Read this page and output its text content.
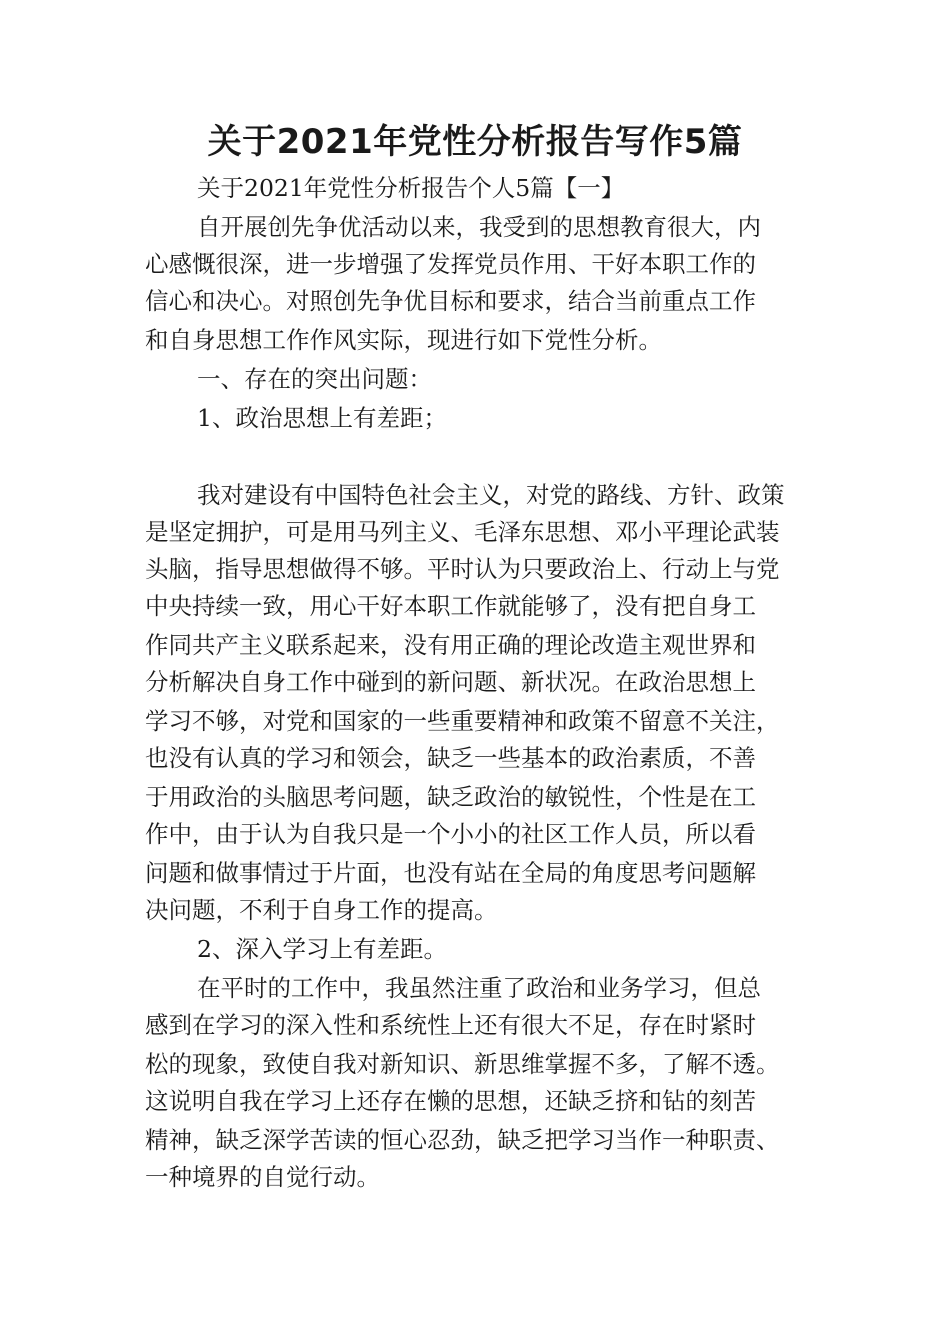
关于2021年党性分析报告写作5篇
关于2021年党性分析报告个人5篇【一】
自开展创先争优活动以来，我受到的思想教育很大，内
心感慨很深，进一步增强了发挥党员作用、干好本职工作的
信心和决心。对照创先争优目标和要求，结合当前重点工作
和自身思想工作作风实际，现进行如下党性分析。
一、存在的突出问题：
1、政治思想上有差距；
我对建设有中国特色社会主义，对党的路线、方针、政策
是坚定拥护，可是用马列主义、毛泽东思想、邓小平理论武装
头脑，指导思想做得不够。平时认为只要政治上、行动上与党
中央持续一致，用心干好本职工作就能够了，没有把自身工
作同共产主义联系起来，没有用正确的理论改造主观世界和
分析解决自身工作中碰到的新问题、新状况。在政治思想上
学习不够，对党和国家的一些重要精神和政策不留意不关注，
也没有认真的学习和领会，缺乏一些基本的政治素质，不善
于用政治的头脑思考问题，缺乏政治的敏锐性，个性是在工
作中，由于认为自我只是一个小小的社区工作人员，所以看
问题和做事情过于片面，也没有站在全局的角度思考问题解
决问题，不利于自身工作的提高。
2、深入学习上有差距。
在平时的工作中，我虽然注重了政治和业务学习，但总
感到在学习的深入性和系统性上还有很大不足，存在时紧时
松的现象，致使自我对新知识、新思维掌握不多，了解不透。
这说明自我在学习上还存在懒的思想，还缺乏挤和钻的刻苦
精神，缺乏深学苦读的恒心忍劲，缺乏把学习当作一种职责、
一种境界的自觉行动。
